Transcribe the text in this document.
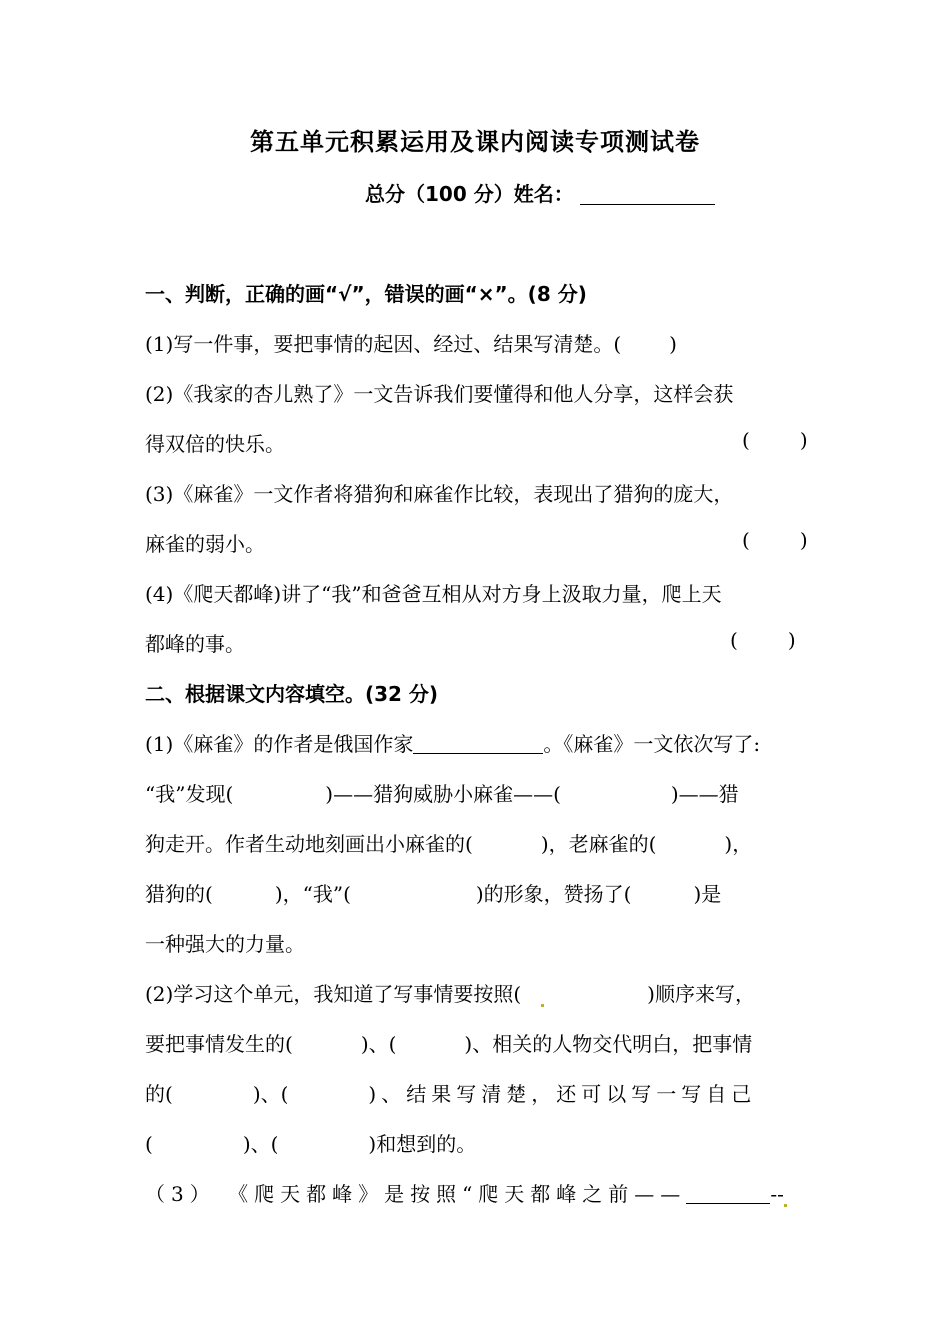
第五单元积累运用及课内阅读专项测试卷
总分（100 分）姓名：
一、判断，正确的画“√”，错误的画“×”。(8 分)
(1)写一件事，要把事情的起因、经过、结果写清楚。( )
(2)《我家的杏儿熟了》一文告诉我们要懂得和他人分享，这样会获
得双倍的快乐。	(	)
(3)《麻雀》一文作者将猎狗和麻雀作比较，表现出了猎狗的庞大，
麻雀的弱小。	(	)
(4)《爬天都峰)讲了“我”和爸爸互相从对方身上汲取力量，爬上天
都峰的事。	(	)
二、根据课文内容填空。(32 分)
(1)《麻雀》的作者是俄国作家	。《麻雀》一文依次写了:
“我”发现(	)——猎狗威胁小麻雀——(	)——猎
狗走开。作者生动地刻画出小麻雀的(	)，老麻雀的(	)，
猎狗的(	)，“我”(	)的形象，赞扬了(	)是
一种强大的力量。
(2)学习这个单元，我知道了写事情要按照(	)顺序来写，
要把事情发生的(	)、(	)、相关的人物交代明白，把事情
的(	)、(	)、结果写清楚，还可以写一写自己
(	)、(	)和想到的。
（3） 《爬天都峰》是按照“爬天都峰之前——	--
